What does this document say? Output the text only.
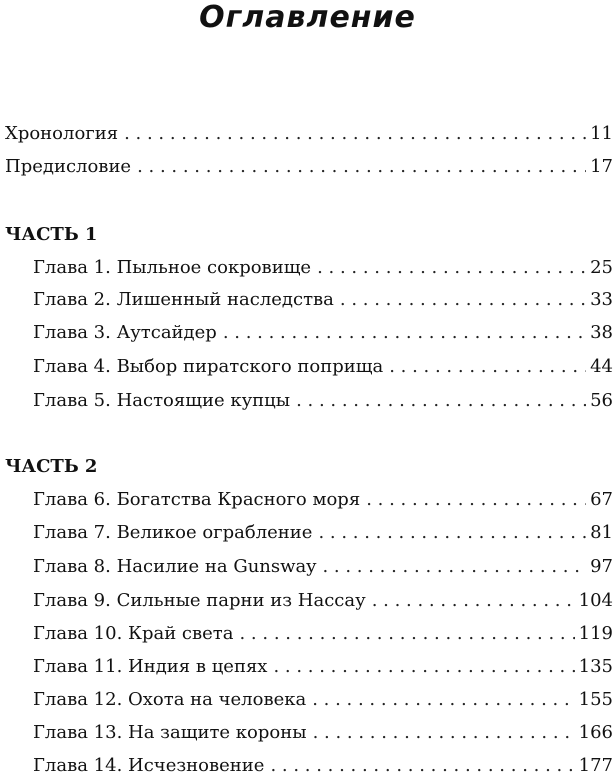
Оглавление
Хронология . . .	11
Предисловие . . .	17
ЧАСТЬ 1
Глава 1. Пыльное сокровище . . .	25
Глава 2. Лишенный наследства . . .	33
Глава 3. Аутсайдер . . .	38
Глава 4. Выбор пиратского поприща . . .	44
Глава 5. Настоящие купцы . . .	56
ЧАСТЬ 2
Глава 6. Богатства Красного моря . . .	67
Глава 7. Великое ограбление . . .	81
Глава 8. Насилие на Gunsway . . .	97
Глава 9. Сильные парни из Нассау . . .	104
Глава 10. Край света . . .	119
Глава 11. Индия в цепях . . .	135
Глава 12. Охота на человека . . .	155
Глава 13. На защите короны . . .	166
Глава 14. Исчезновение . . .	177
